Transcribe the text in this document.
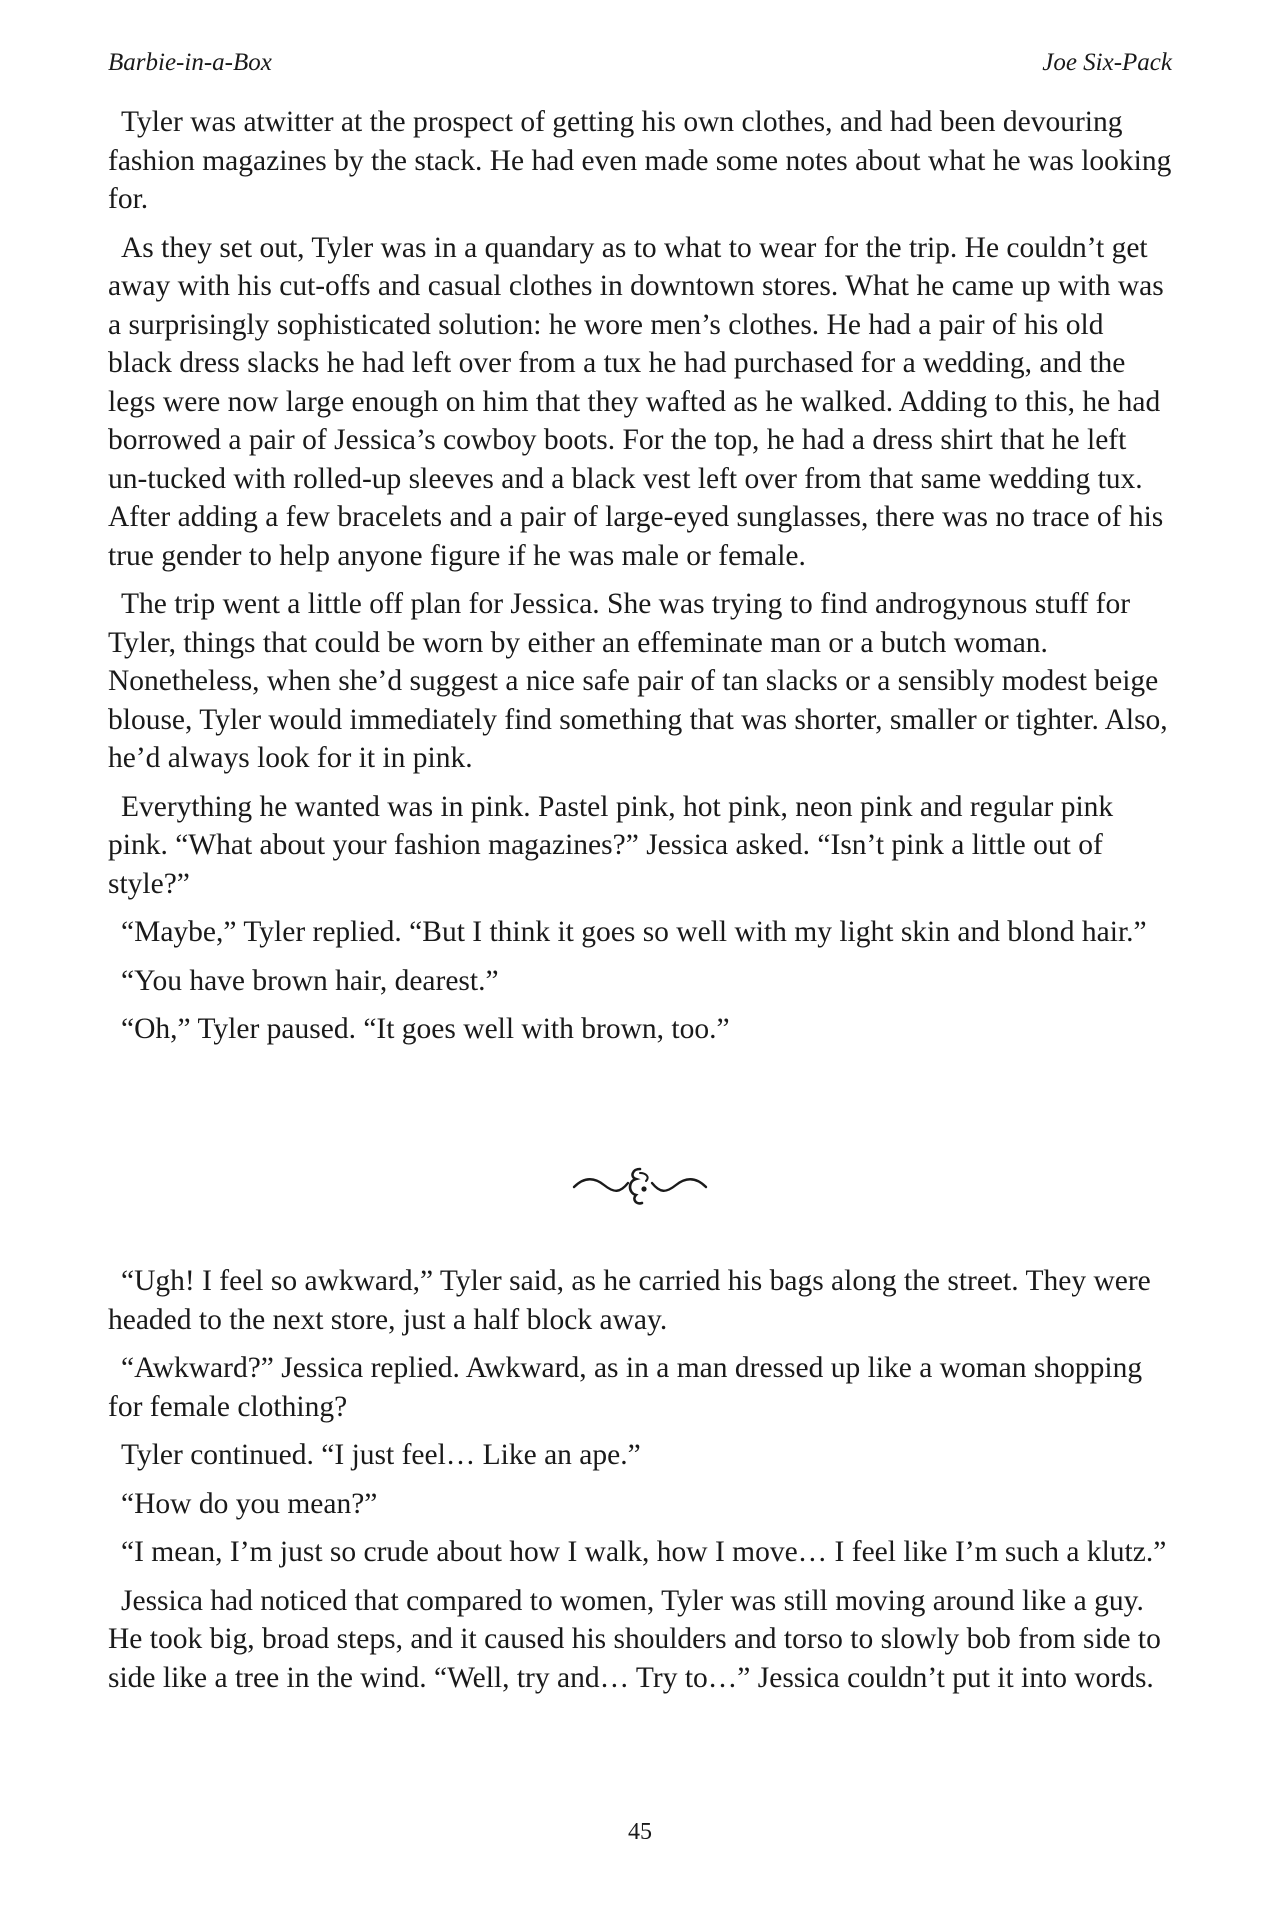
Barbie-in-a-Box	Joe Six-Pack

Tyler was atwitter at the prospect of getting his own clothes, and had been devouring fashion magazines by the stack. He had even made some notes about what he was looking for.

As they set out, Tyler was in a quandary as to what to wear for the trip. He couldn’t get away with his cut-offs and casual clothes in downtown stores. What he came up with was a surprisingly sophisticated solution: he wore men’s clothes. He had a pair of his old black dress slacks he had left over from a tux he had purchased for a wedding, and the legs were now large enough on him that they wafted as he walked. Adding to this, he had borrowed a pair of Jessica’s cowboy boots. For the top, he had a dress shirt that he left un-tucked with rolled-up sleeves and a black vest left over from that same wedding tux. After adding a few bracelets and a pair of large-eyed sunglasses, there was no trace of his true gender to help anyone figure if he was male or female.

The trip went a little off plan for Jessica. She was trying to find androgynous stuff for Tyler, things that could be worn by either an effeminate man or a butch woman. Nonetheless, when she’d suggest a nice safe pair of tan slacks or a sensibly modest beige blouse, Tyler would immediately find something that was shorter, smaller or tighter. Also, he’d always look for it in pink.

Everything he wanted was in pink. Pastel pink, hot pink, neon pink and regular pink pink. “What about your fashion magazines?” Jessica asked. “Isn’t pink a little out of style?”

“Maybe,” Tyler replied. “But I think it goes so well with my light skin and blond hair.”

“You have brown hair, dearest.”

“Oh,” Tyler paused. “It goes well with brown, too.”

“Ugh! I feel so awkward,” Tyler said, as he carried his bags along the street. They were headed to the next store, just a half block away.

“Awkward?” Jessica replied. Awkward, as in a man dressed up like a woman shopping for female clothing?

Tyler continued. “I just feel… Like an ape.”

“How do you mean?”

“I mean, I’m just so crude about how I walk, how I move… I feel like I’m such a klutz.”

Jessica had noticed that compared to women, Tyler was still moving around like a guy. He took big, broad steps, and it caused his shoulders and torso to slowly bob from side to side like a tree in the wind. “Well, try and… Try to…” Jessica couldn’t put it into words.

45
